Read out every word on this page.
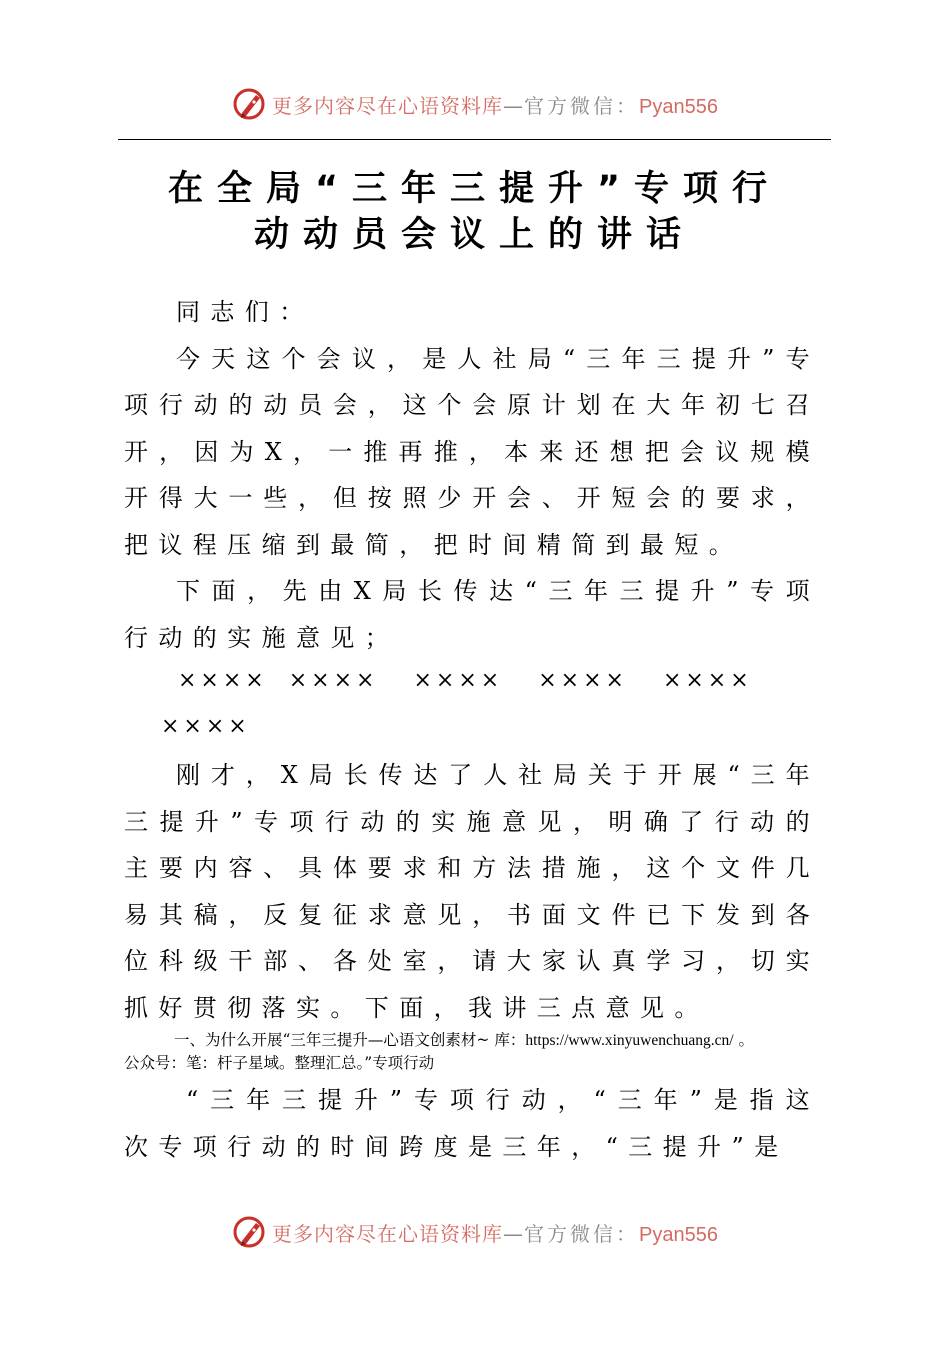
更多内容尽在心语资料库—官方微信：Pyan556
在全局“三年三提升”专项行
动动员会议上的讲话

同志们：

今天这个会议，是人社局“三年三提升”专项行动的动员会，这个会原计划在大年初七召开，因为X，一推再推，本来还想把会议规模开得大一些，但按照少开会、开短会的要求，把议程压缩到最简，把时间精简到最短。

下面，先由X局长传达“三年三提升”专项行动的实施意见；

×××× ×××× ×××× ×××× ××××
××××

刚才，X局长传达了人社局关于开展“三年三提升”专项行动的实施意见，明确了行动的主要内容、具体要求和方法措施，这个文件几易其稿，反复征求意见，书面文件已下发到各位科级干部、各处室，请大家认真学习，切实抓好贯彻落实。下面，我讲三点意见。

一、为什么开展“三年三提升—心语文创素材~ 库：https://www.xinyuwenchuang.cn/ 。
公众号：笔：杆子星域。整理汇总。”专项行动

“三年三提升”专项行动，“三年”是指这次专项行动的时间跨度是三年，“三提升”是

更多内容尽在心语资料库—官方微信：Pyan556
